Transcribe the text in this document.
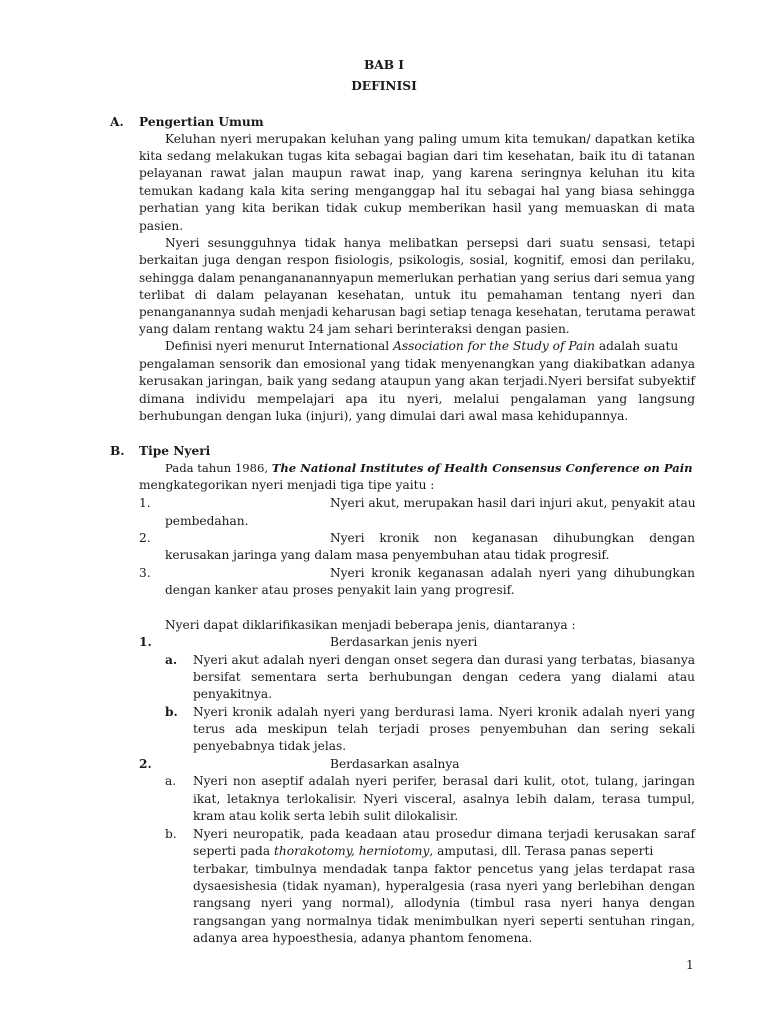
BAB I
DEFINISI
A. Pengertian Umum
Keluhan nyeri merupakan keluhan yang paling umum kita temukan/ dapatkan ketika
kita sedang melakukan tugas kita sebagai bagian dari tim kesehatan, baik itu di tatanan
pelayanan rawat jalan maupun rawat inap, yang karena seringnya keluhan itu kita
temukan kadang kala kita sering menganggap hal itu sebagai hal yang biasa sehingga
perhatian yang kita berikan tidak cukup memberikan hasil yang memuaskan di mata
pasien.
Nyeri sesungguhnya tidak hanya melibatkan persepsi dari suatu sensasi, tetapi
berkaitan juga dengan respon fisiologis, psikologis, sosial, kognitif, emosi dan perilaku,
sehingga dalam penangananannyapun memerlukan perhatian yang serius dari semua yang
terlibat di dalam pelayanan kesehatan, untuk itu pemahaman tentang nyeri dan
penanganannya sudah menjadi keharusan bagi setiap tenaga kesehatan, terutama perawat
yang dalam rentang waktu 24 jam sehari berinteraksi dengan pasien.
Definisi nyeri menurut International Association for the Study of Pain adalah suatu
pengalaman sensorik dan emosional yang tidak menyenangkan yang diakibatkan adanya
kerusakan jaringan, baik yang sedang ataupun yang akan terjadi.Nyeri bersifat subyektif
dimana individu mempelajari apa itu nyeri, melalui pengalaman yang langsung
berhubungan dengan luka (injuri), yang dimulai dari awal masa kehidupannya.
B. Tipe Nyeri
Pada tahun 1986, The National Institutes of Health Consensus Conference on Pain
mengkategorikan nyeri menjadi tiga tipe yaitu :
1.	Nyeri akut, merupakan hasil dari injuri akut, penyakit atau
pembedahan.
2.	Nyeri kronik non keganasan dihubungkan dengan
kerusakan jaringa yang dalam masa penyembuhan atau tidak progresif.
3.	Nyeri kronik keganasan adalah nyeri yang dihubungkan
dengan kanker atau proses penyakit lain yang progresif.
Nyeri dapat diklarifikasikan menjadi beberapa jenis, diantaranya :
1.	Berdasarkan jenis nyeri
a. Nyeri akut adalah nyeri dengan onset segera dan durasi yang terbatas, biasanya
bersifat sementara serta berhubungan dengan cedera yang dialami atau
penyakitnya.
b. Nyeri kronik adalah nyeri yang berdurasi lama. Nyeri kronik adalah nyeri yang
terus ada meskipun telah terjadi proses penyembuhan dan sering sekali
penyebabnya tidak jelas.
2.	Berdasarkan asalnya
a. Nyeri non aseptif adalah nyeri perifer, berasal dari kulit, otot, tulang, jaringan
ikat, letaknya terlokalisir. Nyeri visceral, asalnya lebih dalam, terasa tumpul,
kram atau kolik serta lebih sulit dilokalisir.
b. Nyeri neuropatik, pada keadaan atau prosedur dimana terjadi kerusakan saraf
seperti pada thorakotomy, herniotomy, amputasi, dll. Terasa panas seperti
terbakar, timbulnya mendadak tanpa faktor pencetus yang jelas terdapat rasa
dysaesishesia (tidak nyaman), hyperalgesia (rasa nyeri yang berlebihan dengan
rangsang nyeri yang normal), allodynia (timbul rasa nyeri hanya dengan
rangsangan yang normalnya tidak menimbulkan nyeri seperti sentuhan ringan,
adanya area hypoesthesia, adanya phantom fenomena.
1
